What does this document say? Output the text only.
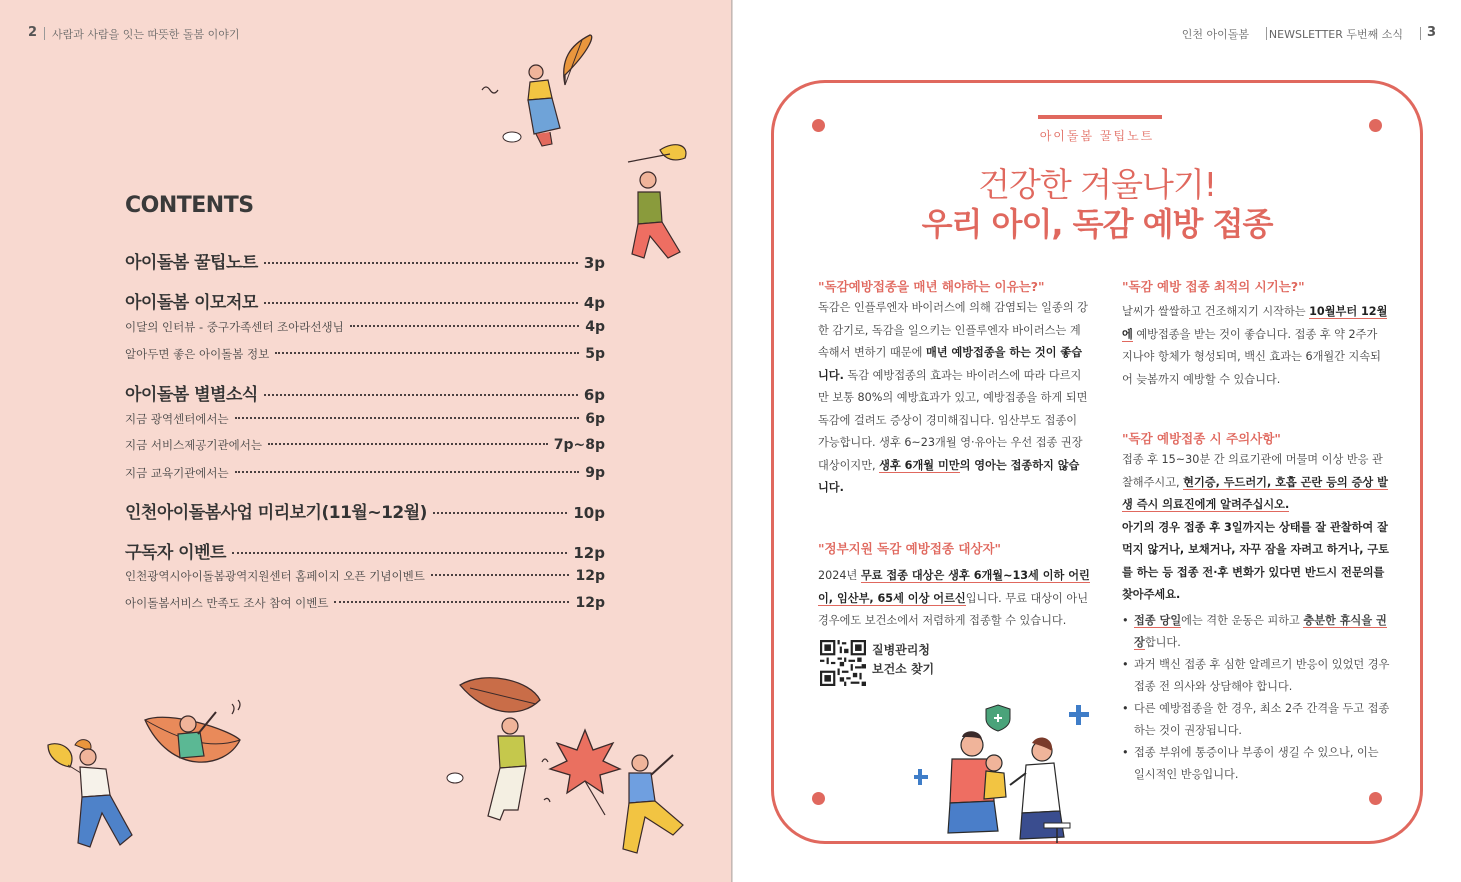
2 사람과 사람을 잇는 따뜻한 돌봄 이야기
CONTENTS
아이돌봄 꿀팁노트	3p
아이돌봄 이모저모	4p
이달의 인터뷰 - 중구가족센터 조아라선생님	4p
알아두면 좋은 아이돌봄 정보	5p
아이돌봄 별별소식	6p
지금 광역센터에서는	6p
지금 서비스제공기관에서는	7p~8p
지금 교육기관에서는	9p
인천아이돌봄사업 미리보기(11월~12월)	10p
구독자 이벤트	12p
인천광역시아이돌봄광역지원센터 홈페이지 오픈 기념이벤트	12p
아이돌봄서비스 만족도 조사 참여 이벤트	12p
인천 아이돌봄 NEWSLETTER 두번째 소식 3
아이돌봄 꿀팁노트
건강한 겨울나기!
우리 아이, 독감 예방 접종
"독감예방접종을 매년 해야하는 이유는?"
독감은 인플루엔자 바이러스에 의해 감염되는 일종의 강한 감기로, 독감을 일으키는 인플루엔자 바이러스는 계속해서 변하기 때문에 매년 예방접종을 하는 것이 좋습니다. 독감 예방접종의 효과는 바이러스에 따라 다르지만 보통 80%의 예방효과가 있고, 예방접종을 하게 되면 독감에 걸려도 증상이 경미해집니다. 임산부도 접종이 가능합니다. 생후 6~23개월 영·유아는 우선 접종 권장 대상이지만, 생후 6개월 미만의 영아는 접종하지 않습니다.
"정부지원 독감 예방접종 대상자"
2024년 무료 접종 대상은 생후 6개월~13세 이하 어린이, 임산부, 65세 이상 어르신입니다. 무료 대상이 아닌 경우에도 보건소에서 저렴하게 접종할 수 있습니다.
질병관리청
보건소 찾기
"독감 예방 접종 최적의 시기는?"
날씨가 쌀쌀하고 건조해지기 시작하는 10월부터 12월에 예방접종을 받는 것이 좋습니다. 접종 후 약 2주가 지나야 항체가 형성되며, 백신 효과는 6개월간 지속되어 늦봄까지 예방할 수 있습니다.
"독감 예방접종 시 주의사항"
접종 후 15~30분 간 의료기관에 머물며 이상 반응 관찰해주시고, 현기증, 두드러기, 호흡 곤란 등의 증상 발생 즉시 의료진에게 알려주십시오.
아기의 경우 접종 후 3일까지는 상태를 잘 관찰하여 잘 먹지 않거나, 보채거나, 자꾸 잠을 자려고 하거나, 구토를 하는 등 접종 전·후 변화가 있다면 반드시 전문의를 찾아주세요.
• 접종 당일에는 격한 운동은 피하고 충분한 휴식을 권장합니다.
• 과거 백신 접종 후 심한 알레르기 반응이 있었던 경우 접종 전 의사와 상담해야 합니다.
• 다른 예방접종을 한 경우, 최소 2주 간격을 두고 접종하는 것이 권장됩니다.
• 접종 부위에 통증이나 부종이 생길 수 있으나, 이는 일시적인 반응입니다.
